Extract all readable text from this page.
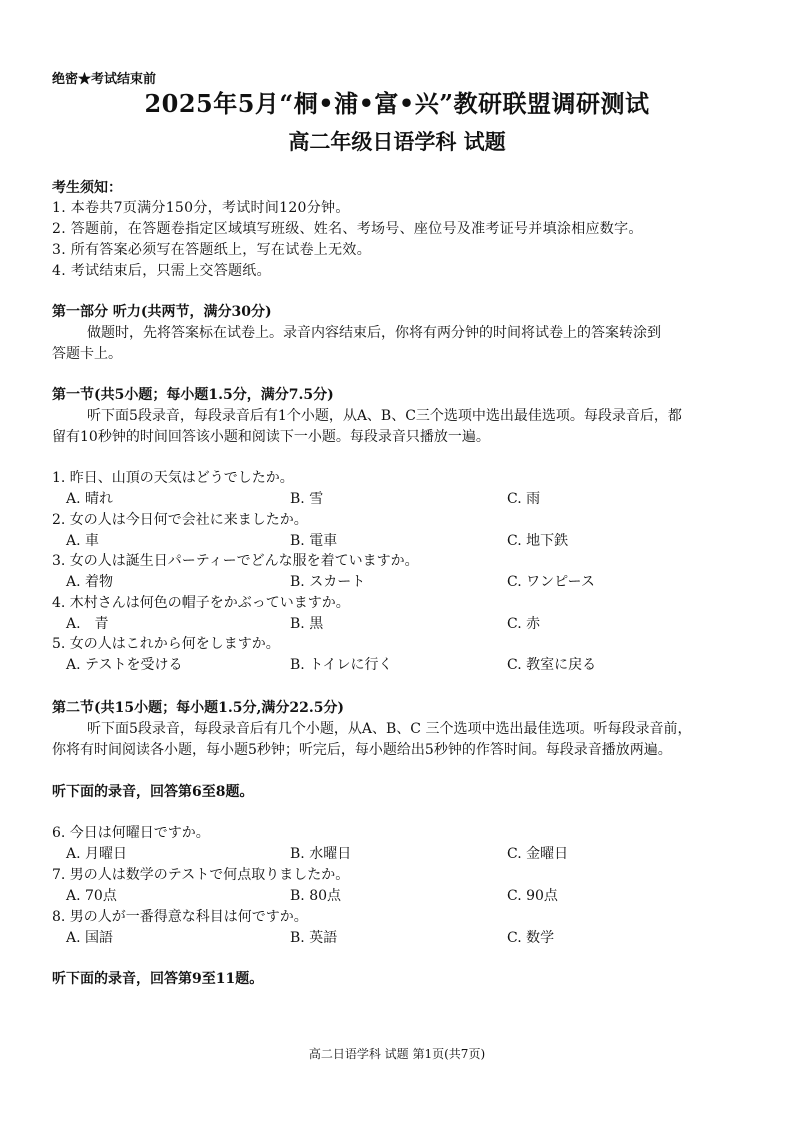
绝密★考试结束前
2025年5月“桐•浦•富•兴”教研联盟调研测试
高二年级日语学科 试题
考生须知：
1. 本卷共7页满分150分，考试时间120分钟。
2. 答题前，在答题卷指定区域填写班级、姓名、考场号、座位号及准考证号并填涂相应数字。
3. 所有答案必须写在答题纸上，写在试卷上无效。
4. 考试结束后，只需上交答题纸。
第一部分 听力(共两节，满分30分)
做题时，先将答案标在试卷上。录音内容结束后，你将有两分钟的时间将试卷上的答案转涂到
答题卡上。
第一节(共5小题；每小题1.5分，满分7.5分)
听下面5段录音，每段录音后有1个小题，从A、B、C三个选项中选出最佳选项。每段录音后，都
留有10秒钟的时间回答该小题和阅读下一小题。每段录音只播放一遍。
1. 昨日、山頂の天気はどうでしたか。
A. 晴れ	B. 雪	C. 雨
2. 女の人は今日何で会社に来ましたか。
A. 車	B. 電車	C. 地下鉄
3. 女の人は誕生日パーティーでどんな服を着ていますか。
A. 着物	B. スカート	C. ワンピース
4. 木村さんは何色の帽子をかぶっていますか。
A.　青	B. 黒	C. 赤
5. 女の人はこれから何をしますか。
A. テストを受ける	B. トイレに行く	C. 教室に戻る
第二节(共15小题；每小题1.5分,满分22.5分)
听下面5段录音，每段录音后有几个小题，从A、B、C 三个选项中选出最佳选项。听每段录音前，
你将有时间阅读各小题，每小题5秒钟；听完后，每小题给出5秒钟的作答时间。每段录音播放两遍。
听下面的录音，回答第6至8题。
6. 今日は何曜日ですか。
A. 月曜日	B. 水曜日	C. 金曜日
7. 男の人は数学のテストで何点取りましたか。
A. 70点	B. 80点	C. 90点
8. 男の人が一番得意な科目は何ですか。
A. 国語	B. 英語	C. 数学
听下面的录音，回答第9至11题。
高二日语学科 试题 第1页(共7页)
